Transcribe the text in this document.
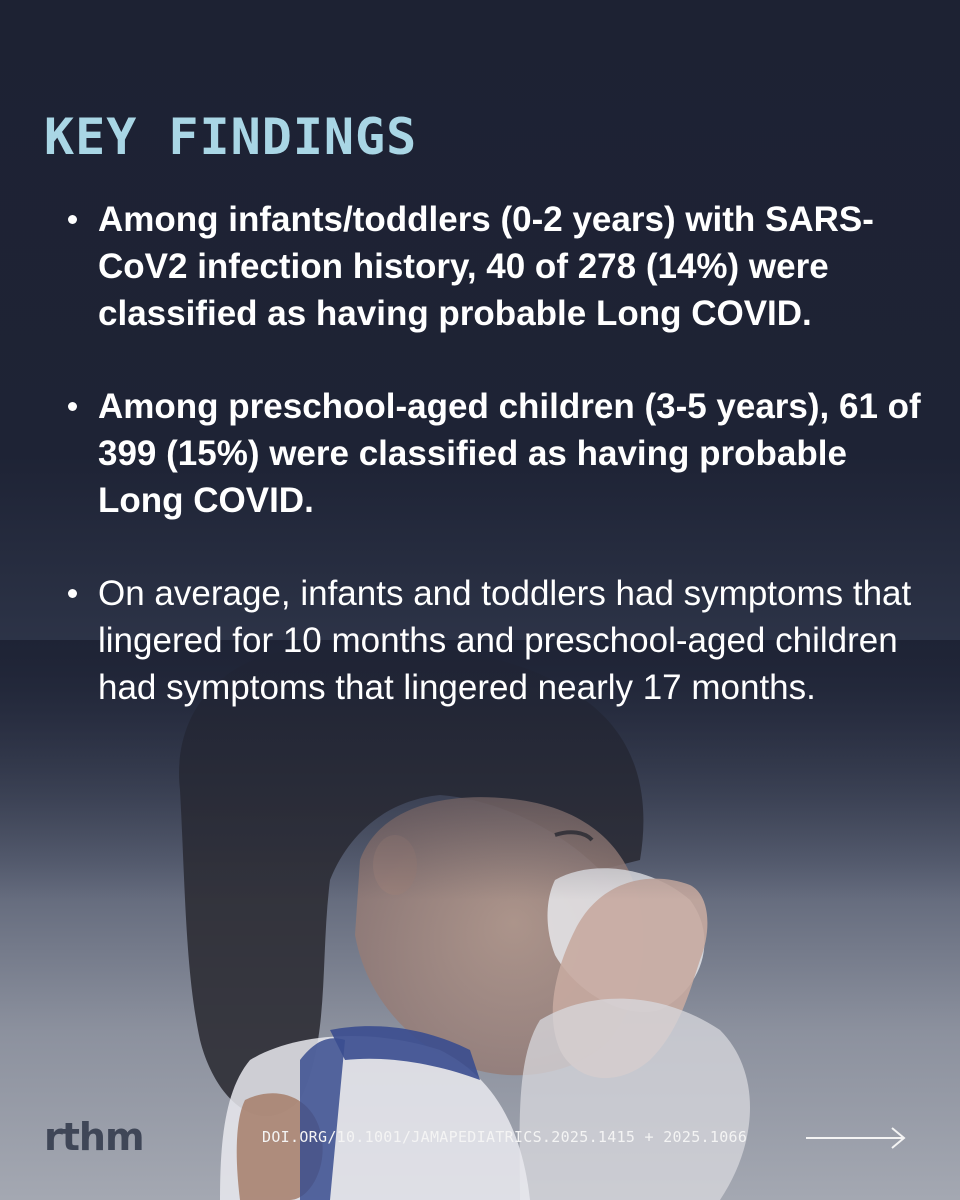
KEY FINDINGS
Among infants/toddlers (0-2 years) with SARS-CoV2 infection history, 40 of 278 (14%) were classified as having probable Long COVID.
Among preschool-aged children (3-5 years), 61 of 399 (15%) were classified as having probable Long COVID.
On average, infants and toddlers had symptoms that lingered for 10 months and preschool-aged children had symptoms that lingered nearly 17 months.
rthm	DOI.ORG/10.1001/JAMAPEDIATRICS.2025.1415 + 2025.1066
